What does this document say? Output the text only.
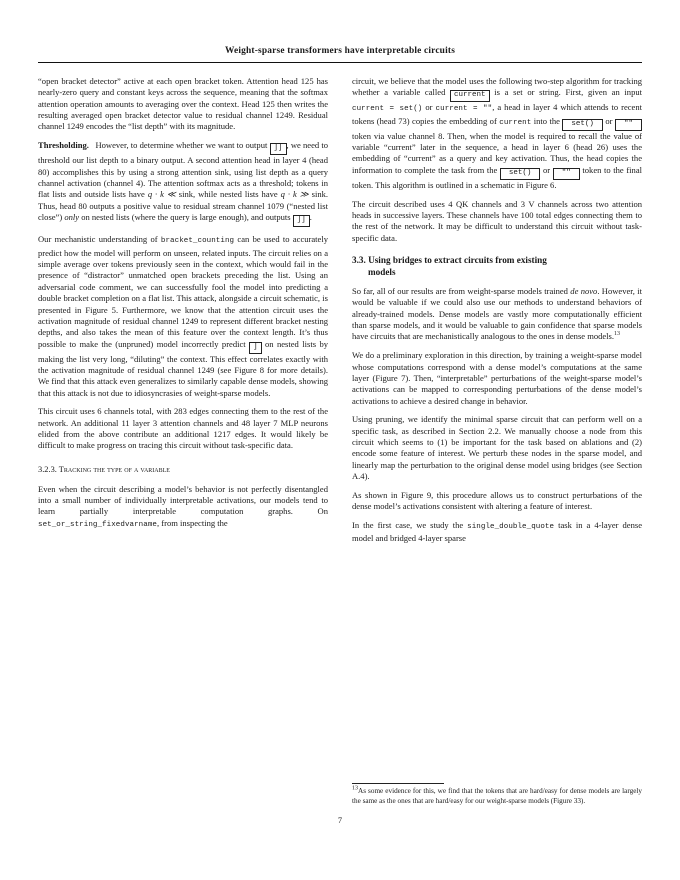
Weight-sparse transformers have interpretable circuits

“open bracket detector” active at each open bracket token. Attention head 125 has nearly-zero query and constant keys across the sequence, meaning that the softmax attention operation amounts to averaging over the context. Head 125 then writes the resulting averaged open bracket detector value to residual channel 1249. Residual channel 1249 encodes the “list depth” with its magnitude.

Thresholding. However, to determine whether we want to output ]] , we need to threshold our list depth to a binary output. A second attention head in layer 4 (head 80) accomplishes this by using a strong attention sink, using list depth as a query channel activation (channel 4). The attention softmax acts as a threshold; tokens in flat lists and outside lists have q · k ≪ sink, while nested lists have q · k ≫ sink. Thus, head 80 outputs a positive value to residual stream channel 1079 (“nested list close”) only on nested lists (where the query is large enough), and outputs ]] .

Our mechanistic understanding of bracket_counting can be used to accurately predict how the model will perform on unseen, related inputs. The circuit relies on a simple average over tokens previously seen in the context, which would fail in the presence of “distractor” unmatched open brackets preceding the list. Using an adversarial code comment, we can successfully fool the model into predicting a double bracket completion on a flat list. This attack, alongside a circuit schematic, is presented in Figure 5. Furthermore, we know that the attention circuit uses the activation magnitude of residual channel 1249 to represent different bracket nesting depths, and also takes the mean of this feature over the context length. It’s thus possible to make the (unpruned) model incorrectly predict ] on nested lists by making the list very long, “diluting” the context. This effect correlates exactly with the activation magnitude of residual channel 1249 (see Figure 8 for more details). We find that this attack even generalizes to similarly capable dense models, showing that this attack is not due to idiosyncrasies of weight-sparse models.

This circuit uses 6 channels total, with 283 edges connecting them to the rest of the network. An additional 11 layer 3 attention channels and 48 layer 7 MLP neurons elided from the above contribute an additional 1217 edges. It would likely be difficult to make progress on tracing this circuit without task-specific data.

3.2.3. Tracking the type of a variable

Even when the circuit describing a model’s behavior is not perfectly disentangled into a small number of individually interpretable activations, our models tend to learn partially interpretable computation graphs. On set_or_string_fixedvarname, from inspecting the

circuit, we believe that the model uses the following two-step algorithm for tracking whether a variable called current is a set or string. First, given an input current = set() or current = "", a head in layer 4 which attends to recent tokens (head 73) copies the embedding of current into the set() or "" token via value channel 8. Then, when the model is required to recall the value of variable “current” later in the sequence, a head in layer 6 (head 26) uses the embedding of “current” as a query and key activation. Thus, the head copies the information to complete the task from the set() or "" token to the final token. This algorithm is outlined in a schematic in Figure 6.

The circuit described uses 4 QK channels and 3 V channels across two attention heads in successive layers. These channels have 100 total edges connecting them to the rest of the network. It may be difficult to understand this circuit without task-specific data.

3.3. Using bridges to extract circuits from existing
models

So far, all of our results are from weight-sparse models trained de novo. However, it would be valuable if we could also use our methods to understand behaviors of already-trained models. Dense models are vastly more computationally efficient than sparse models, and it would be valuable to gain confidence that sparse models have circuits that are mechanistically analogous to the ones in dense models.$^{13}$

We do a preliminary exploration in this direction, by training a weight-sparse model whose computations correspond with a dense model’s computations at the same layer (Figure 7). Then, “interpretable” perturbations of the weight-sparse model’s activations can be mapped to corresponding perturbations of the dense model’s activations to achieve a desired change in behavior.

Using pruning, we identify the minimal sparse circuit that can perform well on a specific task, as described in Section 2.2. We manually choose a node from this circuit which seems to (1) be important for the task based on ablations and (2) encode some feature of interest. We perturb these nodes in the sparse model, and linearly map the perturbation to the original dense model using bridges (see Section A.4).

As shown in Figure 9, this procedure allows us to construct perturbations of the dense model’s activations consistent with altering a feature of interest.

In the first case, we study the single_double_quote task in a 4-layer dense model and bridged 4-layer sparse

$^{13}$As some evidence for this, we find that the tokens that are hard/easy for dense models are largely the same as the ones that are hard/easy for our weight-sparse models (Figure 33).

7
